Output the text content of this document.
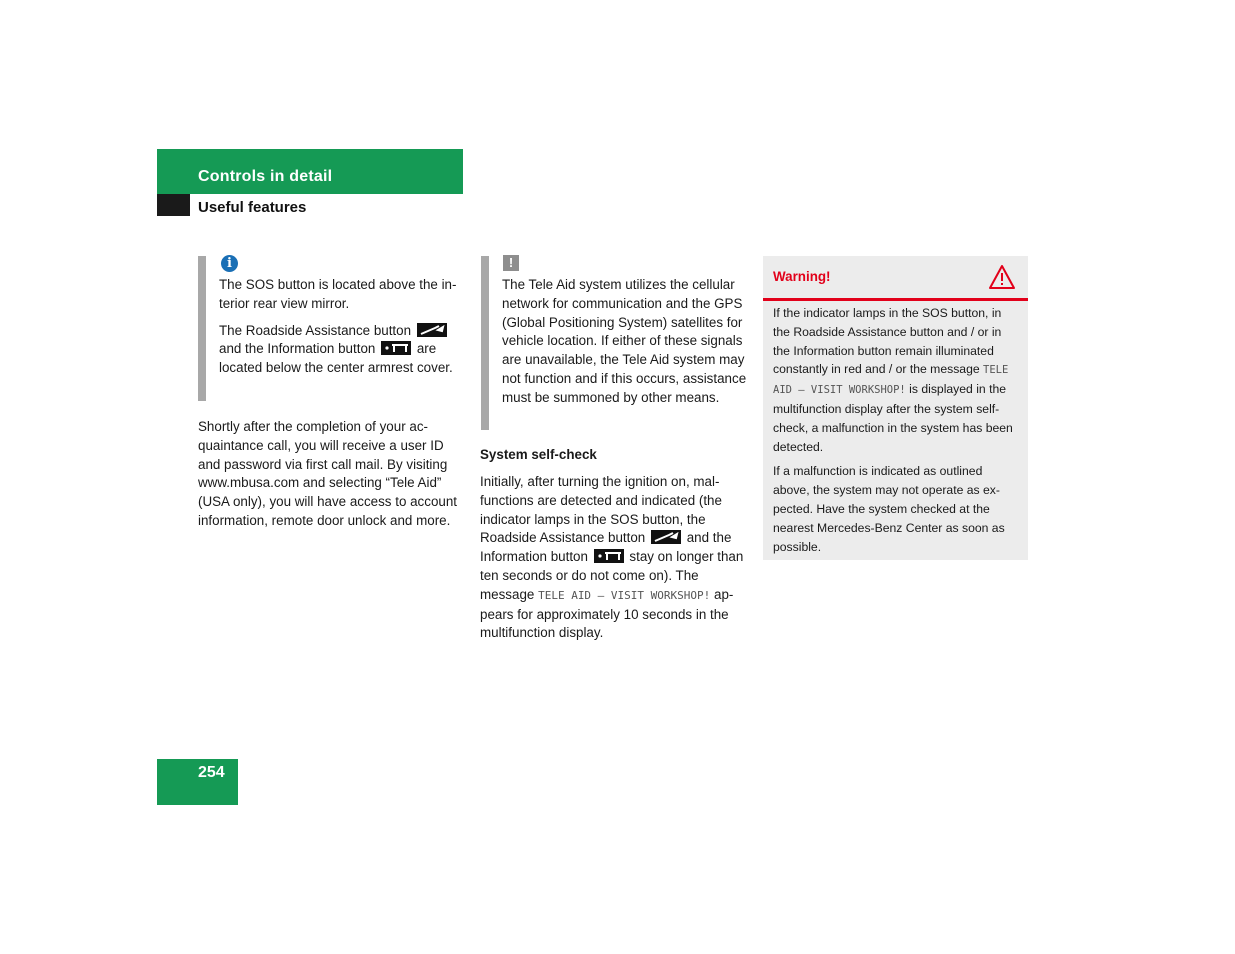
Controls in detail
Useful features
i

The SOS button is located above the interior rear view mirror.

The Roadside Assistance button
and the Information button	are located below the center armrest cover.

Shortly after the completion of your acquaintance call, you will receive a user ID and password via first call mail. By visiting www.mbusa.com and selecting “Tele Aid” (USA only), you will have access to account information, remote door unlock and more.

!

The Tele Aid system utilizes the cellular network for communication and the GPS (Global Positioning System) satellites for vehicle location. If either of these signals are unavailable, the Tele Aid system may not function and if this occurs, assistance must be summoned by other means.

System self-check

Initially, after turning the ignition on, malfunctions are detected and indicated (the indicator lamps in the SOS button, the Roadside Assistance button	and the Information button	stay on longer than ten seconds or do not come on). The message TELE AID – VISIT WORKSHOP! appears for approximately 10 seconds in the multifunction display.

Warning!

If the indicator lamps in the SOS button, in the Roadside Assistance button and / or in the Information button remain illuminated constantly in red and / or the message TELE AID – VISIT WORKSHOP! is displayed in the multifunction display after the system self-check, a malfunction in the system has been detected.

If a malfunction is indicated as outlined above, the system may not operate as expected. Have the system checked at the nearest Mercedes-Benz Center as soon as possible.

254
